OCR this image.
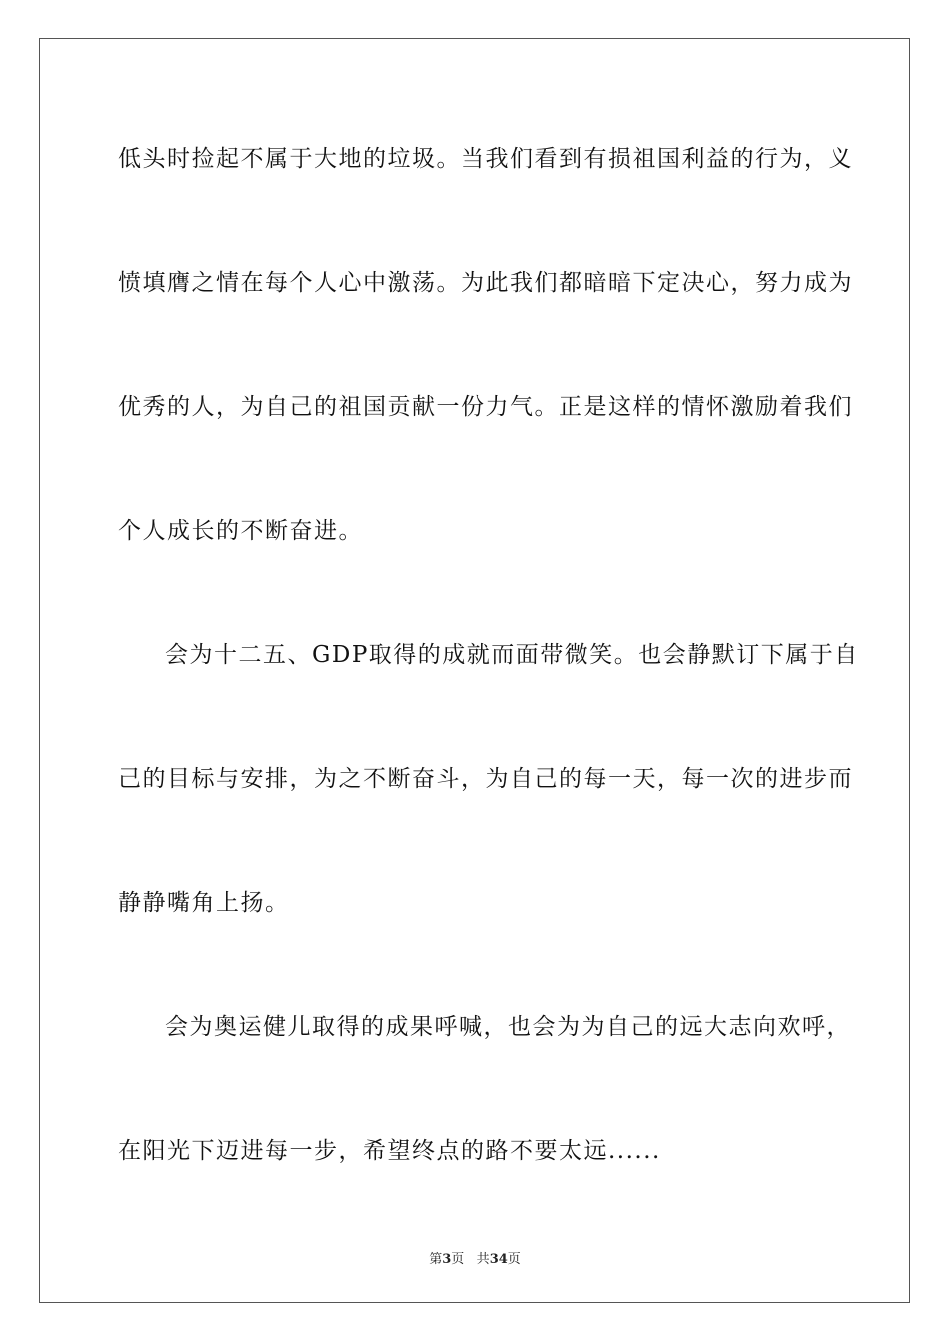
低头时捡起不属于大地的垃圾。当我们看到有损祖国利益的行为，义
愤填膺之情在每个人心中激荡。为此我们都暗暗下定决心，努力成为
优秀的人，为自己的祖国贡献一份力气。正是这样的情怀激励着我们
个人成长的不断奋进。
会为十二五、GDP取得的成就而面带微笑。也会静默订下属于自
己的目标与安排，为之不断奋斗，为自己的每一天，每一次的进步而
静静嘴角上扬。
会为奥运健儿取得的成果呼喊，也会为为自己的远大志向欢呼，
在阳光下迈进每一步，希望终点的路不要太远......
第3页 共34页
